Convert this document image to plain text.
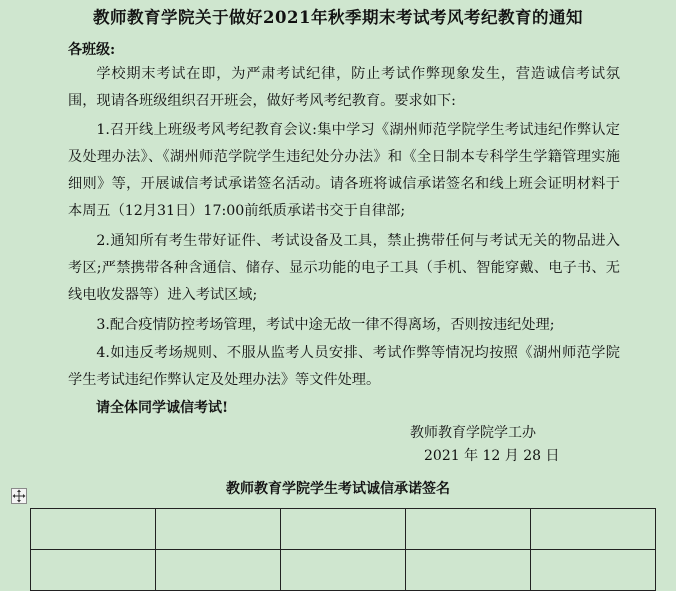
教师教育学院关于做好2021年秋季期末考试考风考纪教育的通知
各班级:
学校期末考试在即，为严肃考试纪律，防止考试作弊现象发生，营造诚信考试氛围，现请各班级组织召开班会，做好考风考纪教育。要求如下:
1.召开线上班级考风考纪教育会议:集中学习《湖州师范学院学生考试违纪作弊认定及处理办法》、《湖州师范学院学生违纪处分办法》和《全日制本专科学生学籍管理实施细则》等，开展诚信考试承诺签名活动。请各班将诚信承诺签名和线上班会证明材料于本周五（12月31日）17:00前纸质承诺书交于自律部;
2.通知所有考生带好证件、考试设备及工具，禁止携带任何与考试无关的物品进入考区;严禁携带各种含通信、储存、显示功能的电子工具（手机、智能穿戴、电子书、无线电收发器等）进入考试区域;
3.配合疫情防控考场管理，考试中途无故一律不得离场，否则按违纪处理;
4.如违反考场规则、不服从监考人员安排、考试作弊等情况均按照《湖州师范学院学生考试违纪作弊认定及处理办法》等文件处理。
请全体同学诚信考试!
教师教育学院学工办
2021 年 12 月 28 日
教师教育学院学生考试诚信承诺签名
